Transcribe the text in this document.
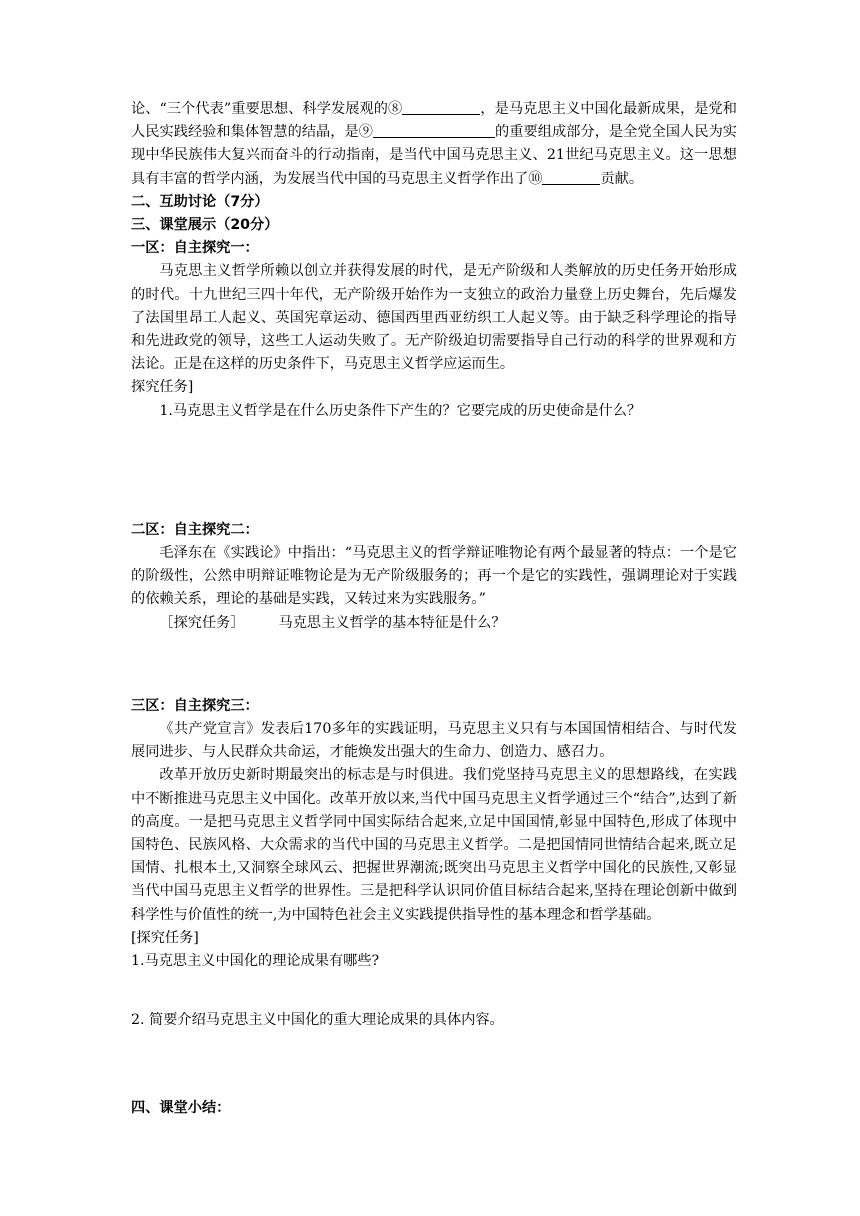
论、“三个代表”重要思想、科学发展观的⑧	，是马克思主义中国化最新成果，是党和人民实践经验和集体智慧的结晶，是⑨	的重要组成部分，是全党全国人民为实现中华民族伟大复兴而奋斗的行动指南，是当代中国马克思主义、21世纪马克思主义。这一思想具有丰富的哲学内涵，为发展当代中国的马克思主义哲学作出了⑩	贡献。

二、互助讨论（7分）

三、课堂展示（20分）

一区：自主探究一：

马克思主义哲学所赖以创立并获得发展的时代，是无产阶级和人类解放的历史任务开始形成的时代。十九世纪三四十年代，无产阶级开始作为一支独立的政治力量登上历史舞台，先后爆发了法国里昂工人起义、英国宪章运动、德国西里西亚纺织工人起义等。由于缺乏科学理论的指导和先进政党的领导，这些工人运动失败了。无产阶级迫切需要指导自己行动的科学的世界观和方法论。正是在这样的历史条件下，马克思主义哲学应运而生。

探究任务]

1.马克思主义哲学是在什么历史条件下产生的？它要完成的历史使命是什么？

二区：自主探究二：

毛泽东在《实践论》中指出：“马克思主义的哲学辩证唯物论有两个最显著的特点：一个是它的阶级性，公然申明辩证唯物论是为无产阶级服务的；再一个是它的实践性，强调理论对于实践的依赖关系，理论的基础是实践，又转过来为实践服务。”

［探究任务］ 马克思主义哲学的基本特征是什么？

三区：自主探究三：

《共产党宣言》发表后170多年的实践证明，马克思主义只有与本国国情相结合、与时代发展同进步、与人民群众共命运，才能焕发出强大的生命力、创造力、感召力。

改革开放历史新时期最突出的标志是与时俱进。我们党坚持马克思主义的思想路线，在实践中不断推进马克思主义中国化。改革开放以来,当代中国马克思主义哲学通过三个“结合”,达到了新的高度。一是把马克思主义哲学同中国实际结合起来,立足中国国情,彰显中国特色,形成了体现中国特色、民族风格、大众需求的当代中国的马克思主义哲学。二是把国情同世情结合起来,既立足国情、扎根本土,又洞察全球风云、把握世界潮流;既突出马克思主义哲学中国化的民族性,又彰显当代中国马克思主义哲学的世界性。三是把科学认识同价值目标结合起来,坚持在理论创新中做到科学性与价值性的统一,为中国特色社会主义实践提供指导性的基本理念和哲学基础。

[探究任务]

1.马克思主义中国化的理论成果有哪些?

2. 简要介绍马克思主义中国化的重大理论成果的具体内容。

四、课堂小结：
